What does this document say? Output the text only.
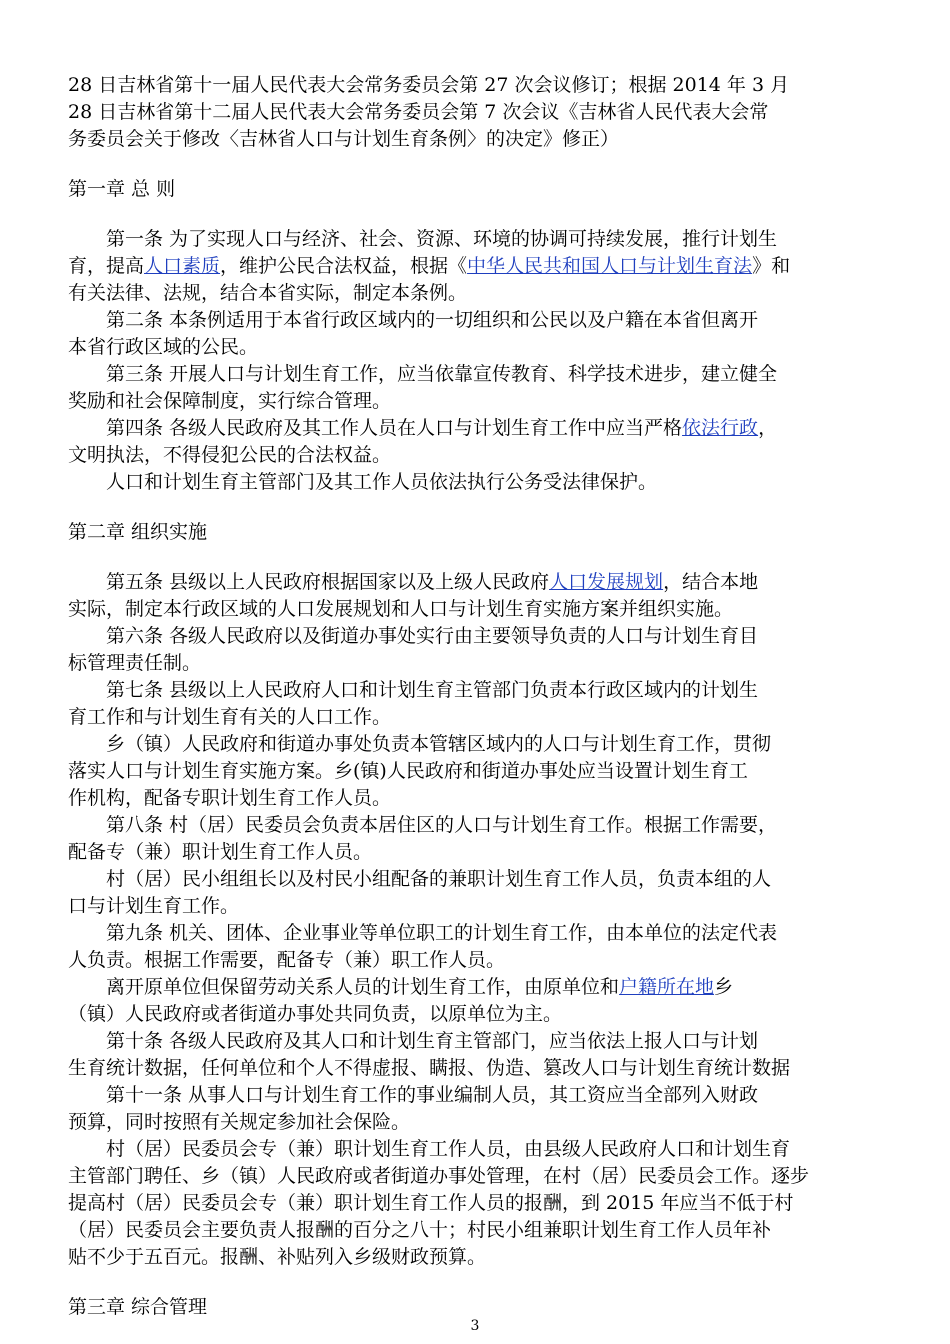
28 日吉林省第十一届人民代表大会常务委员会第 27 次会议修订；根据 2014 年 3 月
28 日吉林省第十二届人民代表大会常务委员会第 7 次会议《吉林省人民代表大会常
务委员会关于修改〈吉林省人口与计划生育条例〉的决定》修正）
第一章 总 则
第一条 为了实现人口与经济、社会、资源、环境的协调可持续发展，推行计划生
育，提高人口素质，维护公民合法权益，根据《中华人民共和国人口与计划生育法》和
有关法律、法规，结合本省实际，制定本条例。
第二条 本条例适用于本省行政区域内的一切组织和公民以及户籍在本省但离开
本省行政区域的公民。
第三条 开展人口与计划生育工作，应当依靠宣传教育、科学技术进步，建立健全
奖励和社会保障制度，实行综合管理。
第四条 各级人民政府及其工作人员在人口与计划生育工作中应当严格依法行政，
文明执法，不得侵犯公民的合法权益。
人口和计划生育主管部门及其工作人员依法执行公务受法律保护。
第二章 组织实施
第五条 县级以上人民政府根据国家以及上级人民政府人口发展规划，结合本地
实际，制定本行政区域的人口发展规划和人口与计划生育实施方案并组织实施。
第六条 各级人民政府以及街道办事处实行由主要领导负责的人口与计划生育目
标管理责任制。
第七条 县级以上人民政府人口和计划生育主管部门负责本行政区域内的计划生
育工作和与计划生育有关的人口工作。
乡（镇）人民政府和街道办事处负责本管辖区域内的人口与计划生育工作，贯彻
落实人口与计划生育实施方案。乡(镇)人民政府和街道办事处应当设置计划生育工
作机构，配备专职计划生育工作人员。
第八条 村（居）民委员会负责本居住区的人口与计划生育工作。根据工作需要，
配备专（兼）职计划生育工作人员。
村（居）民小组组长以及村民小组配备的兼职计划生育工作人员，负责本组的人
口与计划生育工作。
第九条 机关、团体、企业事业等单位职工的计划生育工作，由本单位的法定代表
人负责。根据工作需要，配备专（兼）职工作人员。
离开原单位但保留劳动关系人员的计划生育工作，由原单位和户籍所在地乡
（镇）人民政府或者街道办事处共同负责，以原单位为主。
第十条 各级人民政府及其人口和计划生育主管部门，应当依法上报人口与计划
生育统计数据，任何单位和个人不得虚报、瞒报、伪造、篡改人口与计划生育统计数据
第十一条 从事人口与计划生育工作的事业编制人员，其工资应当全部列入财政
预算，同时按照有关规定参加社会保险。
村（居）民委员会专（兼）职计划生育工作人员，由县级人民政府人口和计划生育
主管部门聘任、乡（镇）人民政府或者街道办事处管理，在村（居）民委员会工作。逐步
提高村（居）民委员会专（兼）职计划生育工作人员的报酬，到 2015 年应当不低于村
（居）民委员会主要负责人报酬的百分之八十；村民小组兼职计划生育工作人员年补
贴不少于五百元。报酬、补贴列入乡级财政预算。
第三章 综合管理
3
